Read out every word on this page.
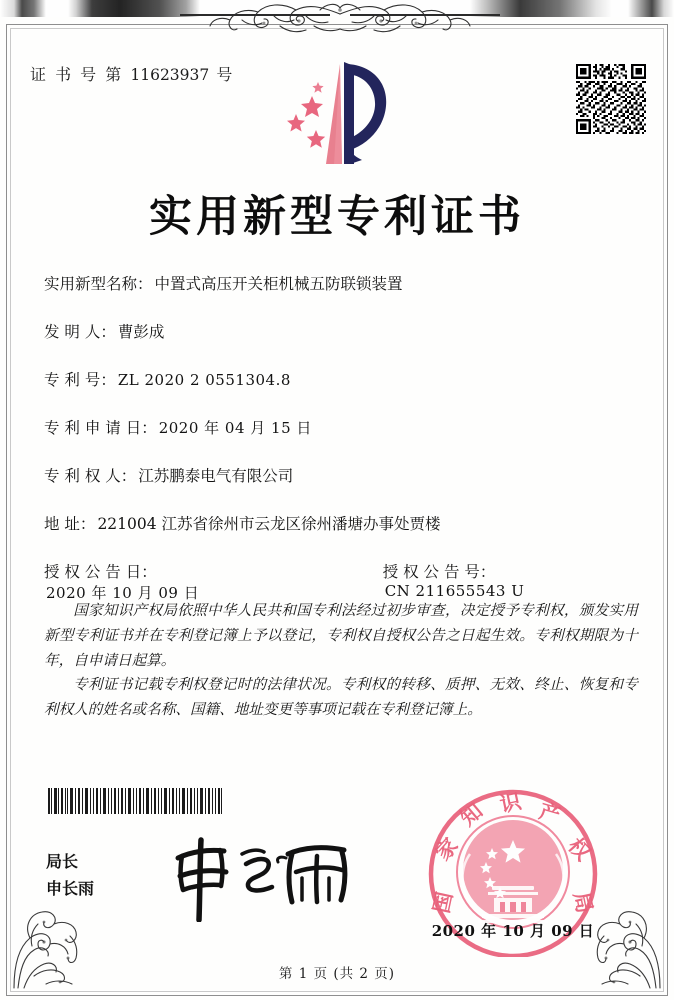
证 书 号 第 11623937 号
实用新型专利证书
实用新型名称： 中置式高压开关柜机械五防联锁装置
发 明 人： 曹彭成
专 利 号： ZL 2020 2 0551304.8
专 利 申 请 日： 2020 年 04 月 15 日
专 利 权 人： 江苏鹏泰电气有限公司
地 址： 221004 江苏省徐州市云龙区徐州潘塘办事处贾楼
授 权 公 告 日：2020 年 10 月 09 日
授 权 公 告 号：CN 211655543 U
国家知识产权局依照中华人民共和国专利法经过初步审查，决定授予专利权，颁发实用新型专利证书并在专利登记簿上予以登记，专利权自授权公告之日起生效。专利权期限为十年，自申请日起算。
专利证书记载专利权登记时的法律状况。专利权的转移、质押、无效、终止、恢复和专利权人的姓名或名称、国籍、地址变更等事项记载在专利登记簿上。
局长
申长雨
知 识 产
权
局
国
家
2020 年 10 月 09 日
第 1 页 (共 2 页)
